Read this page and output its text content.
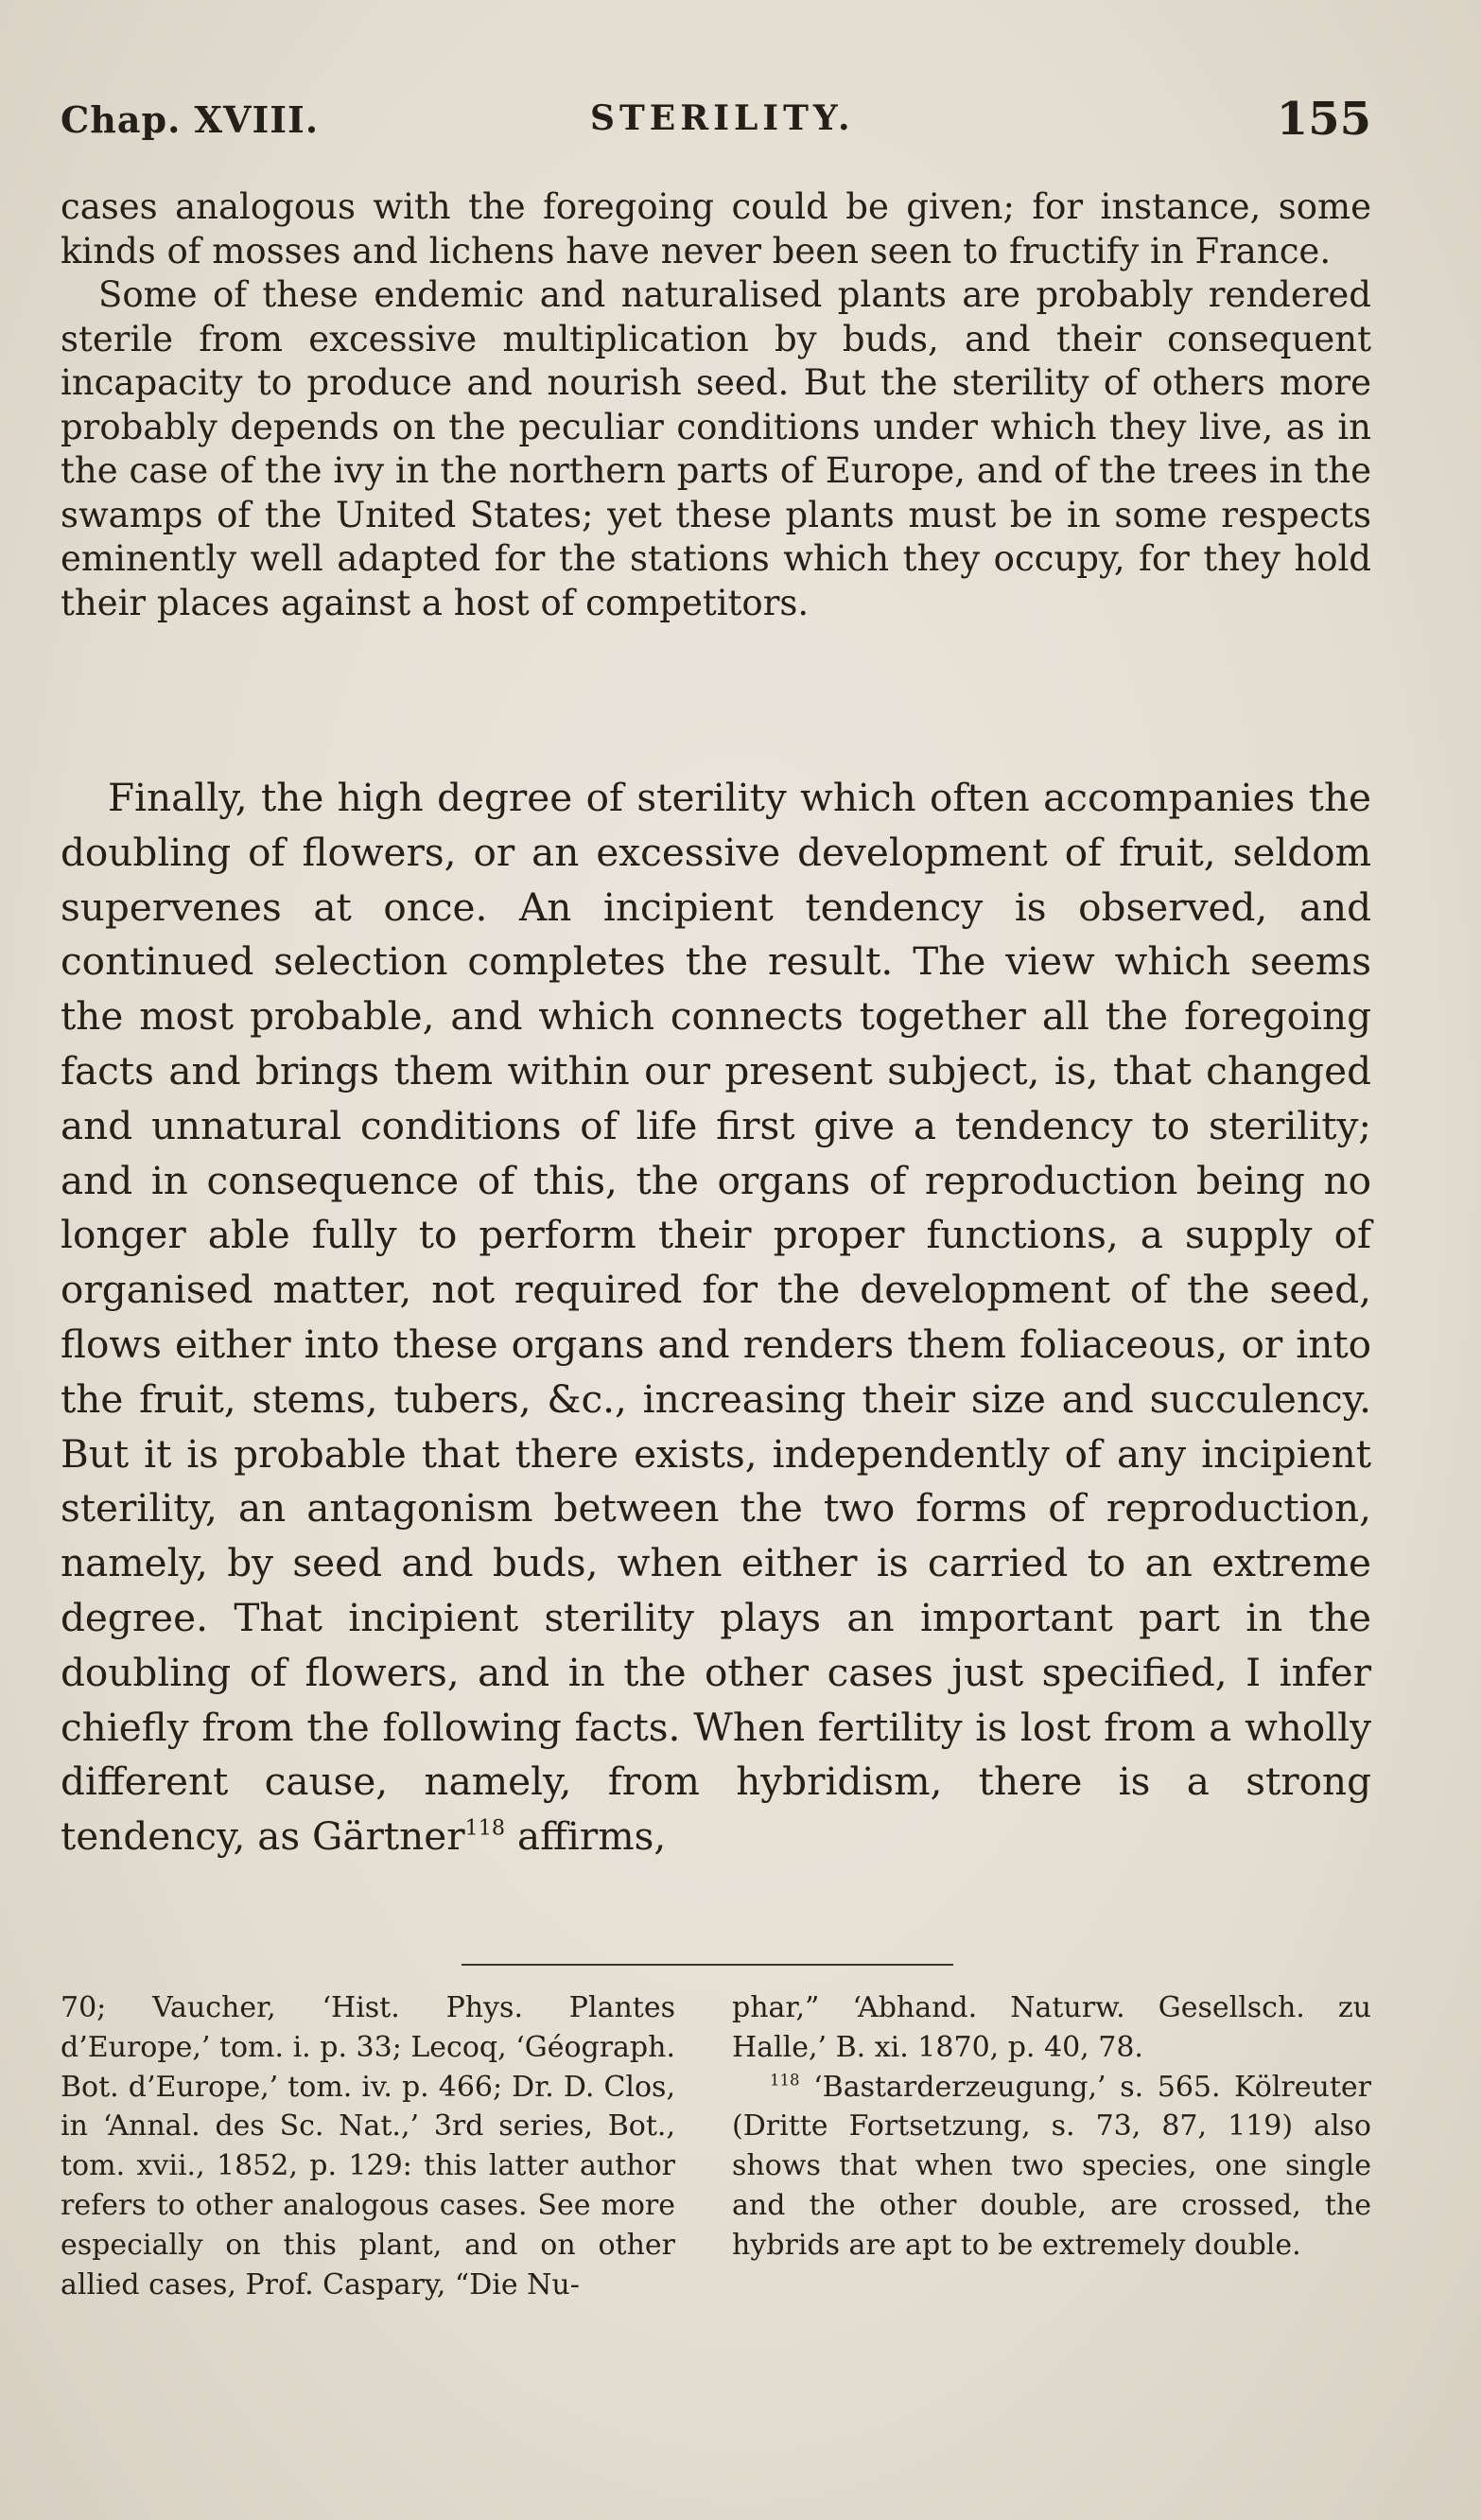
Chap. XVIII.	STERILITY.	155

cases analogous with the foregoing could be given; for instance, some kinds of mosses and lichens have never been seen to fructify in France.

Some of these endemic and naturalised plants are probably rendered sterile from excessive multiplication by buds, and their consequent incapacity to produce and nourish seed. But the sterility of others more probably depends on the peculiar conditions under which they live, as in the case of the ivy in the northern parts of Europe, and of the trees in the swamps of the United States; yet these plants must be in some respects eminently well adapted for the stations which they occupy, for they hold their places against a host of competitors.

Finally, the high degree of sterility which often accompanies the doubling of flowers, or an excessive development of fruit, seldom supervenes at once. An incipient tendency is observed, and continued selection completes the result. The view which seems the most probable, and which connects together all the foregoing facts and brings them within our present subject, is, that changed and unnatural conditions of life first give a tendency to sterility; and in consequence of this, the organs of reproduction being no longer able fully to perform their proper functions, a supply of organised matter, not required for the development of the seed, flows either into these organs and renders them foliaceous, or into the fruit, stems, tubers, &c., increasing their size and succulency. But it is probable that there exists, independently of any incipient sterility, an antagonism between the two forms of reproduction, namely, by seed and buds, when either is carried to an extreme degree. That incipient sterility plays an important part in the doubling of flowers, and in the other cases just specified, I infer chiefly from the following facts. When fertility is lost from a wholly different cause, namely, from hybridism, there is a strong tendency, as Gärtner$^{118}$ affirms,

70; Vaucher, ‘Hist. Phys. Plantes d’Europe,’ tom. i. p. 33; Lecoq, ‘Géograph. Bot. d’Europe,’ tom. iv. p. 466; Dr. D. Clos, in ‘Annal. des Sc. Nat.,’ 3rd series, Bot., tom. xvii., 1852, p. 129: this latter author refers to other analogous cases. See more especially on this plant, and on other allied cases, Prof. Caspary, “Die Nu-

phar,” ‘Abhand. Naturw. Gesellsch. zu Halle,’ B. xi. 1870, p. 40, 78.

$^{118}$ ‘Bastarderzeugung,’ s. 565. Kölreuter (Dritte Fortsetzung, s. 73, 87, 119) also shows that when two species, one single and the other double, are crossed, the hybrids are apt to be extremely double.
